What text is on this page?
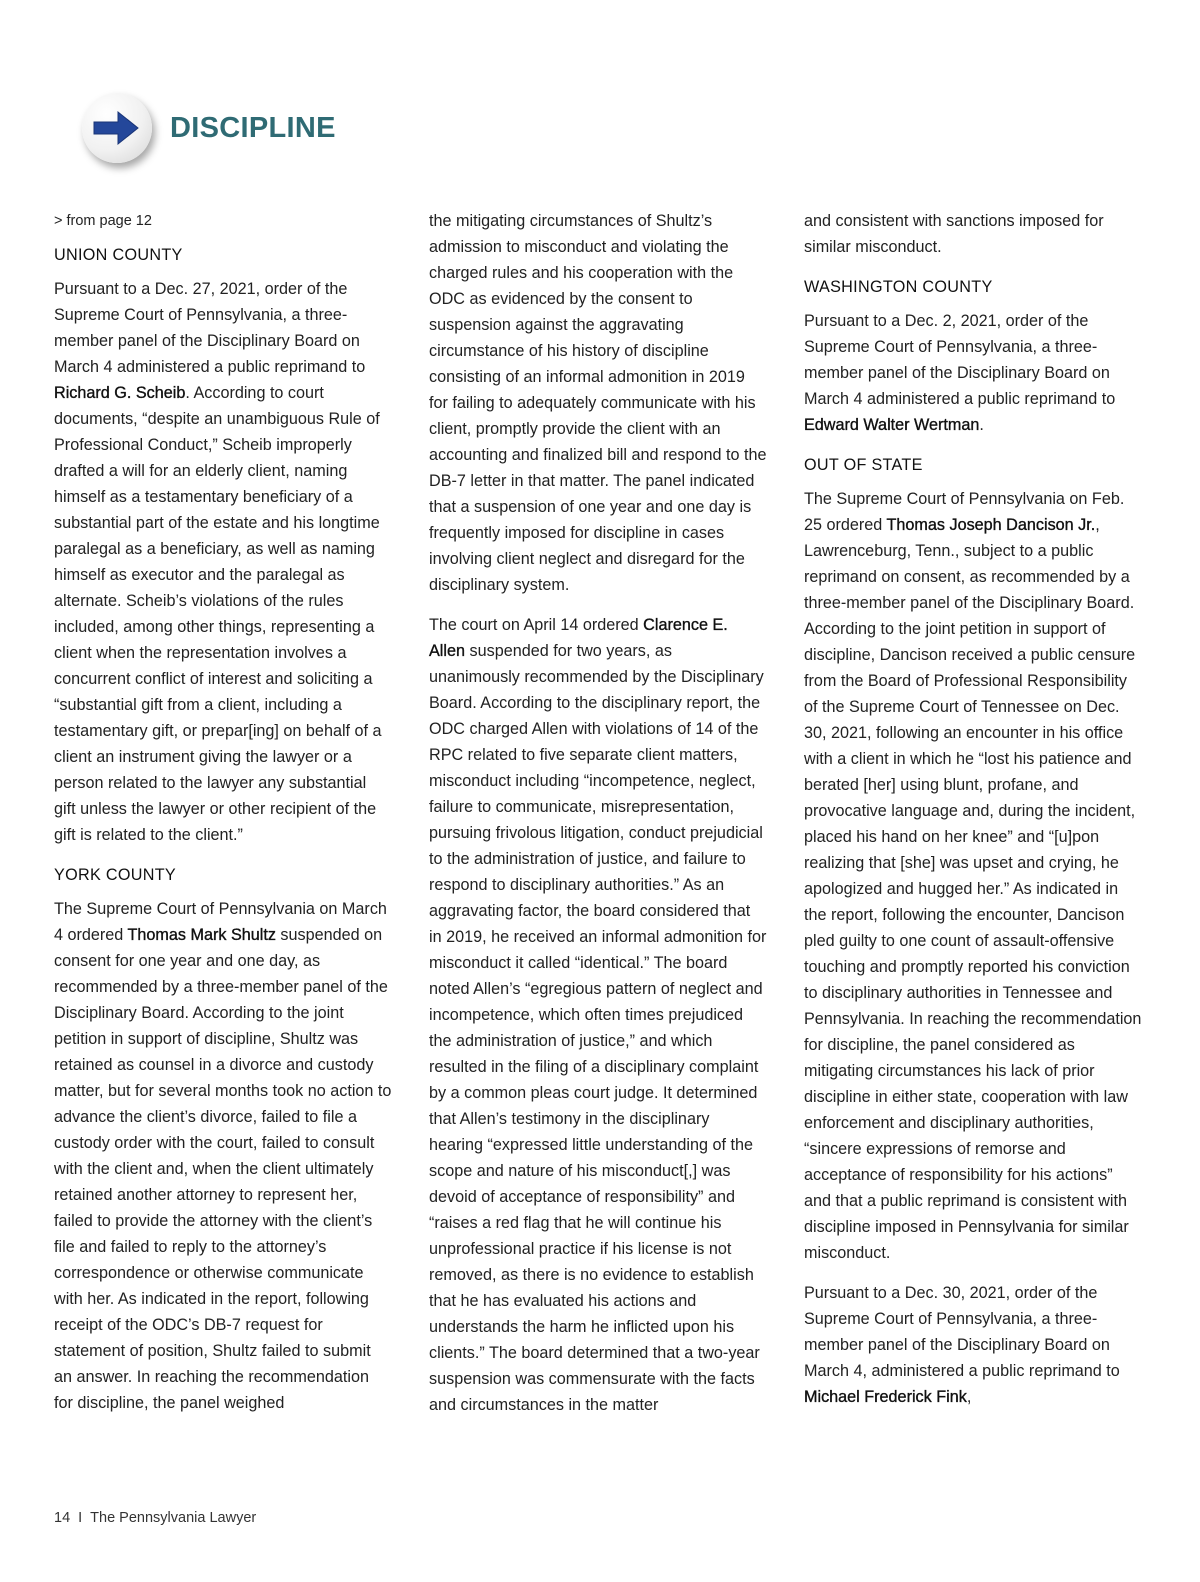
DISCIPLINE

> from page 12

UNION COUNTY

Pursuant to a Dec. 27, 2021, order of the Supreme Court of Pennsylvania, a three-member panel of the Disciplinary Board on March 4 administered a public reprimand to Richard G. Scheib. According to court documents, “despite an unambiguous Rule of Professional Conduct,” Scheib improperly drafted a will for an elderly client, naming himself as a testamentary beneficiary of a substantial part of the estate and his longtime paralegal as a beneficiary, as well as naming himself as executor and the paralegal as alternate. Scheib’s violations of the rules included, among other things, representing a client when the representation involves a concurrent conflict of interest and soliciting a “substantial gift from a client, including a testamentary gift, or prepar[ing] on behalf of a client an instrument giving the lawyer or a person related to the lawyer any substantial gift unless the lawyer or other recipient of the gift is related to the client.”

YORK COUNTY

The Supreme Court of Pennsylvania on March 4 ordered Thomas Mark Shultz suspended on consent for one year and one day, as recommended by a three-member panel of the Disciplinary Board. According to the joint petition in support of discipline, Shultz was retained as counsel in a divorce and custody matter, but for several months took no action to advance the client’s divorce, failed to file a custody order with the court, failed to consult with the client and, when the client ultimately retained another attorney to represent her, failed to provide the attorney with the client’s file and failed to reply to the attorney’s correspondence or otherwise communicate with her. As indicated in the report, following receipt of the ODC’s DB-7 request for statement of position, Shultz failed to submit an answer. In reaching the recommendation for discipline, the panel weighed

the mitigating circumstances of Shultz’s admission to misconduct and violating the charged rules and his cooperation with the ODC as evidenced by the consent to suspension against the aggravating circumstance of his history of discipline consisting of an informal admonition in 2019 for failing to adequately communicate with his client, promptly provide the client with an accounting and finalized bill and respond to the DB-7 letter in that matter. The panel indicated that a suspension of one year and one day is frequently imposed for discipline in cases involving client neglect and disregard for the disciplinary system.

The court on April 14 ordered Clarence E. Allen suspended for two years, as unanimously recommended by the Disciplinary Board. According to the disciplinary report, the ODC charged Allen with violations of 14 of the RPC related to five separate client matters, misconduct including “incompetence, neglect, failure to communicate, misrepresentation, pursuing frivolous litigation, conduct prejudicial to the administration of justice, and failure to respond to disciplinary authorities.” As an aggravating factor, the board considered that in 2019, he received an informal admonition for misconduct it called “identical.” The board noted Allen’s “egregious pattern of neglect and incompetence, which often times prejudiced the administration of justice,” and which resulted in the filing of a disciplinary complaint by a common pleas court judge. It determined that Allen’s testimony in the disciplinary hearing “expressed little understanding of the scope and nature of his misconduct[,] was devoid of acceptance of responsibility” and “raises a red flag that he will continue his unprofessional practice if his license is not removed, as there is no evidence to establish that he has evaluated his actions and understands the harm he inflicted upon his clients.” The board determined that a two-year suspension was commensurate with the facts and circumstances in the matter

and consistent with sanctions imposed for similar misconduct.

WASHINGTON COUNTY

Pursuant to a Dec. 2, 2021, order of the Supreme Court of Pennsylvania, a three-member panel of the Disciplinary Board on March 4 administered a public reprimand to Edward Walter Wertman.

OUT OF STATE

The Supreme Court of Pennsylvania on Feb. 25 ordered Thomas Joseph Dancison Jr., Lawrenceburg, Tenn., subject to a public reprimand on consent, as recommended by a three-member panel of the Disciplinary Board. According to the joint petition in support of discipline, Dancison received a public censure from the Board of Professional Responsibility of the Supreme Court of Tennessee on Dec. 30, 2021, following an encounter in his office with a client in which he “lost his patience and berated [her] using blunt, profane, and provocative language and, during the incident, placed his hand on her knee” and “[u]pon realizing that [she] was upset and crying, he apologized and hugged her.” As indicated in the report, following the encounter, Dancison pled guilty to one count of assault-offensive touching and promptly reported his conviction to disciplinary authorities in Tennessee and Pennsylvania. In reaching the recommendation for discipline, the panel considered as mitigating circumstances his lack of prior discipline in either state, cooperation with law enforcement and disciplinary authorities, “sincere expressions of remorse and acceptance of responsibility for his actions” and that a public reprimand is consistent with discipline imposed in Pennsylvania for similar misconduct.

Pursuant to a Dec. 30, 2021, order of the Supreme Court of Pennsylvania, a three-member panel of the Disciplinary Board on March 4, administered a public reprimand to Michael Frederick Fink,

14 I The Pennsylvania Lawyer
